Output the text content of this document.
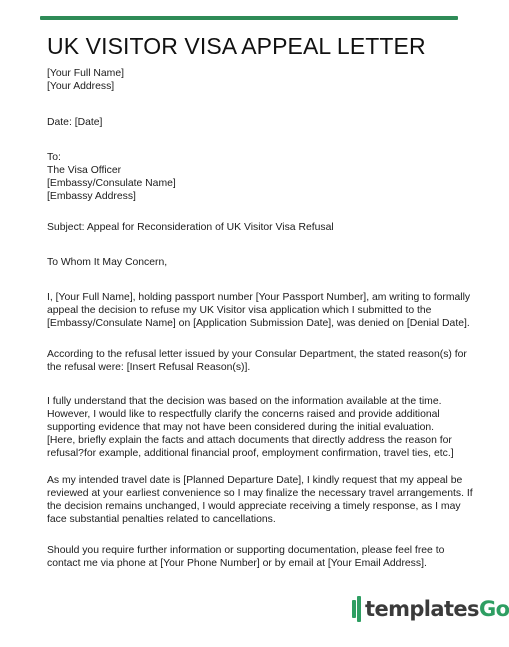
UK VISITOR VISA APPEAL LETTER
[Your Full Name]
[Your Address]
Date: [Date]
To:
The Visa Officer
[Embassy/Consulate Name]
[Embassy Address]
Subject: Appeal for Reconsideration of UK Visitor Visa Refusal
To Whom It May Concern,
I, [Your Full Name], holding passport number [Your Passport Number], am writing to formally
appeal the decision to refuse my UK Visitor visa application which I submitted to the
[Embassy/Consulate Name] on [Application Submission Date], was denied on [Denial Date].
According to the refusal letter issued by your Consular Department, the stated reason(s) for
the refusal were: [Insert Refusal Reason(s)].
I fully understand that the decision was based on the information available at the time.
However, I would like to respectfully clarify the concerns raised and provide additional
supporting evidence that may not have been considered during the initial evaluation.
[Here, briefly explain the facts and attach documents that directly address the reason for
refusal?for example, additional financial proof, employment confirmation, travel ties, etc.]
As my intended travel date is [Planned Departure Date], I kindly request that my appeal be
reviewed at your earliest convenience so I may finalize the necessary travel arrangements. If
the decision remains unchanged, I would appreciate receiving a timely response, as I may
face substantial penalties related to cancellations.
Should you require further information or supporting documentation, please feel free to
contact me via phone at [Your Phone Number] or by email at [Your Email Address].
templatesGo
